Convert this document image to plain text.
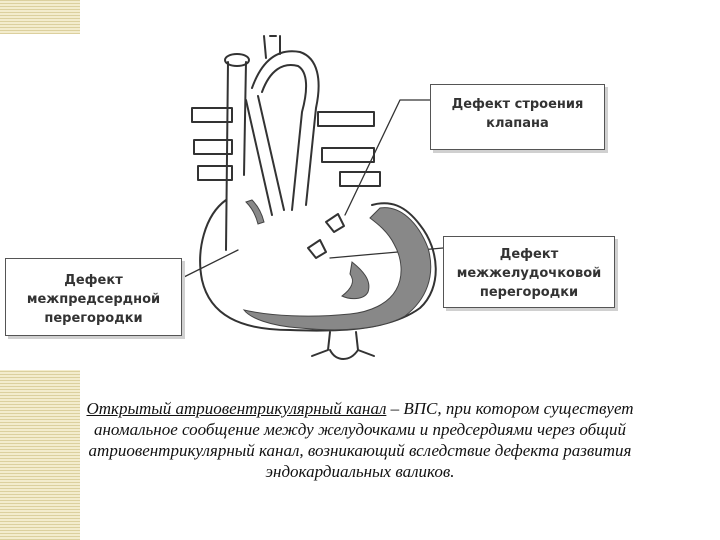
Дефект строения
клапана
Дефект
межжелудочковой
перегородки
Дефект
межпредсердной
перегородки
Открытый атриовентрикулярный канал – ВПС, при котором существует аномальное сообщение между желудочками и предсердиями через общий атриовентрикулярный канал, возникающий вследствие дефекта развития эндокардиальных валиков.
